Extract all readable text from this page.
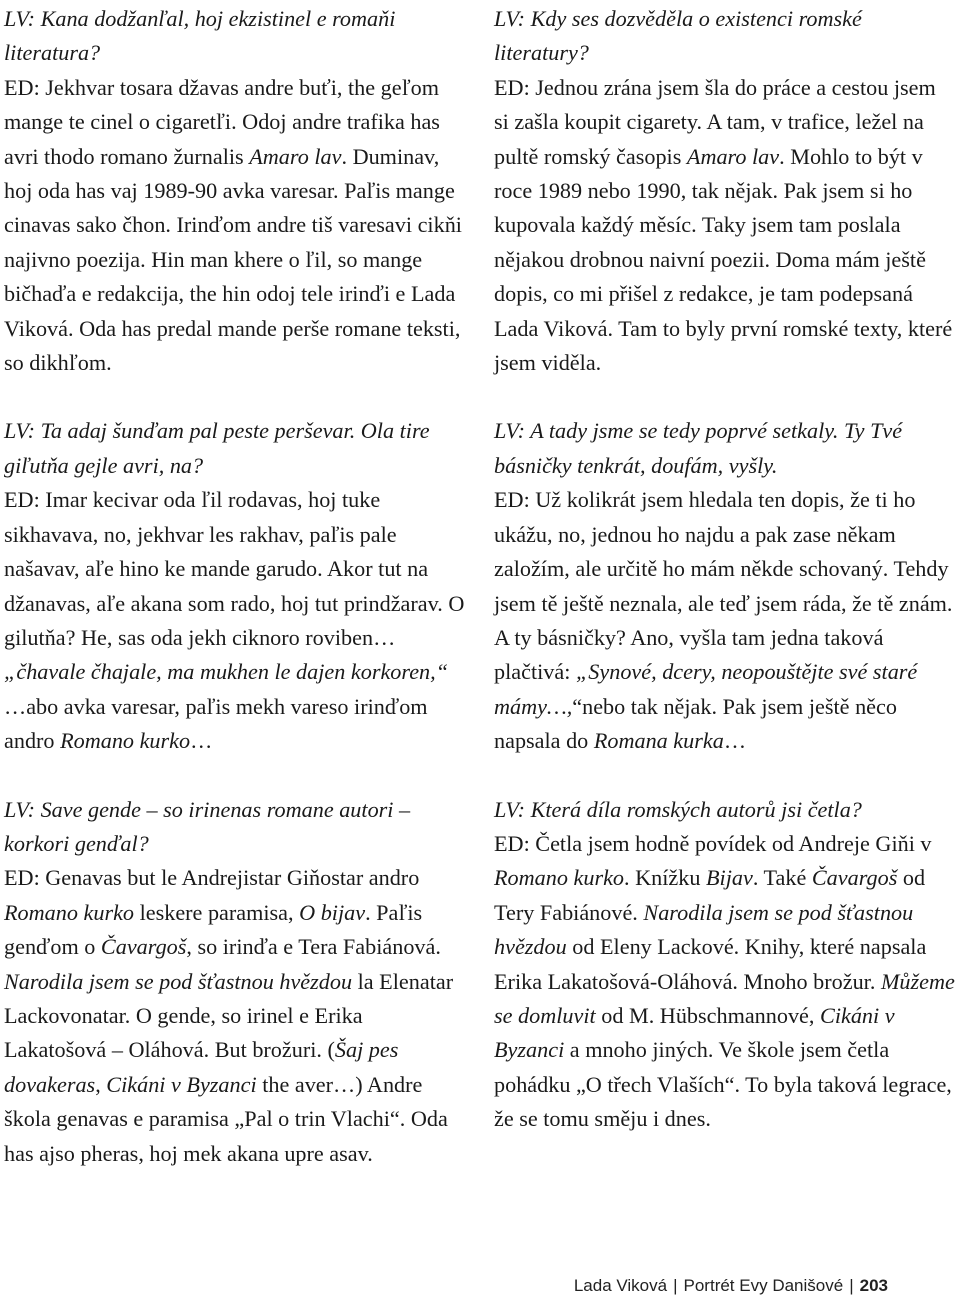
LV: Kana dodžanľal, hoj ekzistinel e romaňi literatura?
ED: Jekhvar tosara džavas andre buťi, the geľom mange te cinel o cigaretľi. Odoj andre trafika has avri thodo romano žurnalis Amaro lav. Duminav, hoj oda has vaj 1989-90 avka varesar. Paľis mange cinavas sako čhon. Irinďom andre tiš varesavi cikňi najivno poezija. Hin man khere o ľil, so mange bičhaďa e redakcija, the hin odoj tele irinďi e Lada Viková. Oda has predal mande perše romane teksti, so dikhľom.
LV: Ta adaj šunďam pal peste perševar. Ola tire giľutňa gejle avri, na?
ED: Imar kecivar oda ľil rodavas, hoj tuke sikhavava, no, jekhvar les rakhav, paľis pale našavav, aľe hino ke mande garudo. Akor tut na džanavas, aľe akana som rado, hoj tut prindžarav. O gilutňa? He, sas oda jekh ciknoro roviben… „čhavale čhajale, ma mukhen le dajen korkoren,“ …abo avka varesar, paľis mekh vareso irinďom andro Romano kurko…
LV: Save gende – so irinenas romane autori – korkori genďal?
ED: Genavas but le Andrejistar Giňostar andro Romano kurko leskere paramisa, O bijav. Paľis genďom o Čavargoš, so irinďa e Tera Fabiánová. Narodila jsem se pod šťastnou hvězdou la Elenatar Lackovonatar. O gende, so irinel e Erika Lakatošová – Oláhová. But brožuri. (Šaj pes dovakeras, Cikáni v Byzanci the aver…) Andre škola genavas e paramisa „Pal o trin Vlachi“. Oda has ajso pheras, hoj mek akana upre asav.
LV: Kdy ses dozvěděla o existenci romské literatury?
ED: Jednou zrána jsem šla do práce a cestou jsem si zašla koupit cigarety. A tam, v trafice, ležel na pultě romský časopis Amaro lav. Mohlo to být v roce 1989 nebo 1990, tak nějak. Pak jsem si ho kupovala každý měsíc. Taky jsem tam poslala nějakou drobnou naivní poezii. Doma mám ještě dopis, co mi přišel z redakce, je tam podepsaná Lada Viková. Tam to byly první romské texty, které jsem viděla.
LV: A tady jsme se tedy poprvé setkaly. Ty Tvé básničky tenkrát, doufám, vyšly.
ED: Už kolikrát jsem hledala ten dopis, že ti ho ukážu, no, jednou ho najdu a pak zase někam založím, ale určitě ho mám někde schovaný. Tehdy jsem tě ještě neznala, ale teď jsem ráda, že tě znám. A ty básničky? Ano, vyšla tam jedna taková plačtivá: „Synové, dcery, neopouštějte své staré mámy…,“nebo tak nějak. Pak jsem ještě něco napsala do Romana kurka…
LV: Která díla romských autorů jsi četla?
ED: Četla jsem hodně povídek od Andreje Giňi v Romano kurko. Knížku Bijav. Také Čavargoš od Tery Fabiánové. Narodila jsem se pod šťastnou hvězdou od Eleny Lackové. Knihy, které napsala Erika Lakatošová-Oláhová. Mnoho brožur. Můžeme se domluvit od M. Hübschmannové, Cikáni v Byzanci a mnoho jiných. Ve škole jsem četla pohádku „O třech Vlaších“. To byla taková legrace, že se tomu směju i dnes.
Lada Viková | Portrét Evy Danišové | 203
